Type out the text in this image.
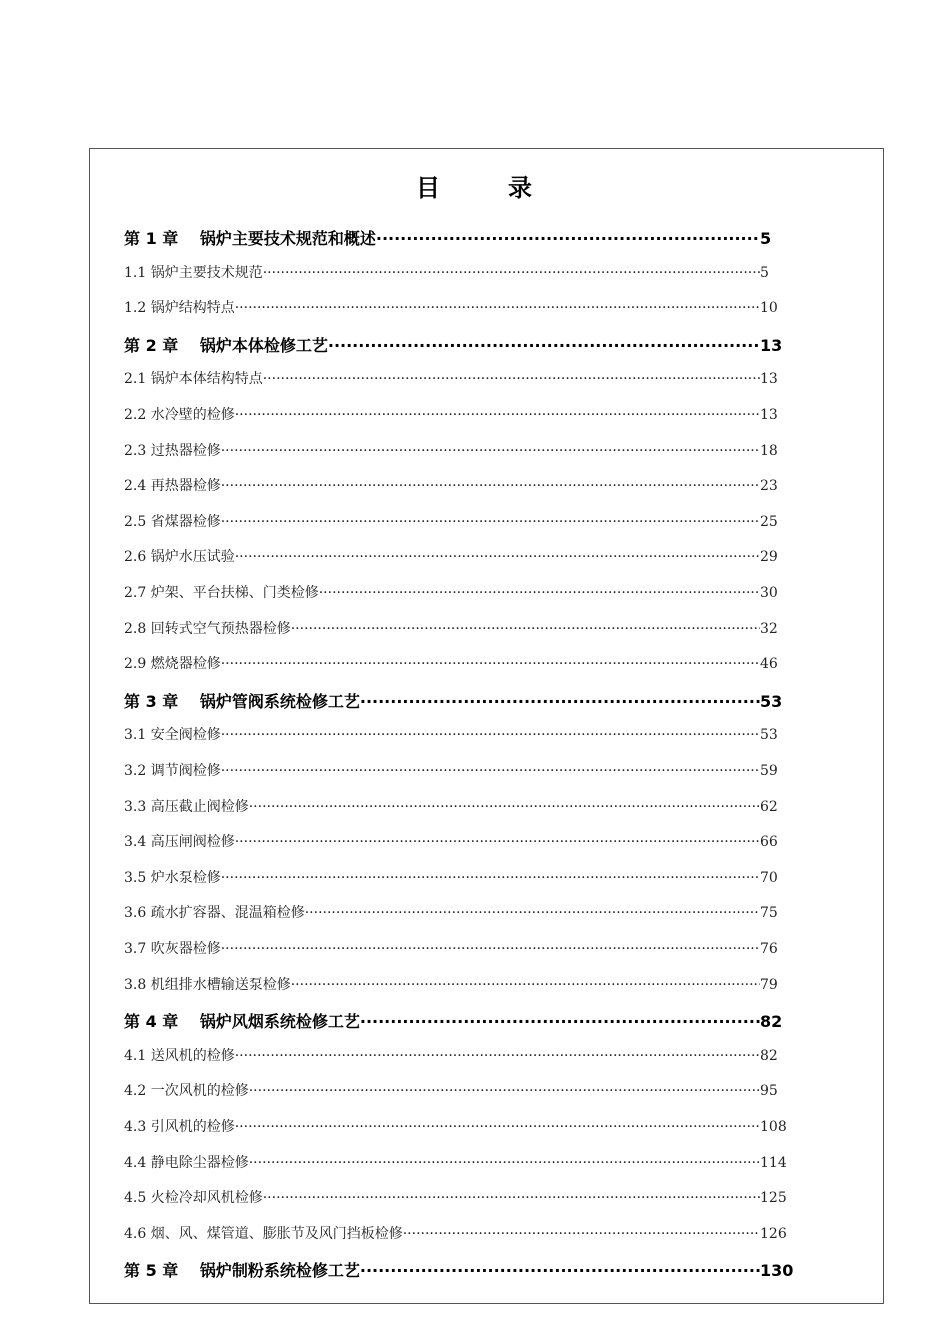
目　录
第 1 章　 锅炉主要技术规范和概述 ·····	5
1.1 锅炉主要技术规范 ·····	5
1.2 锅炉结构特点 ·····	10
第 2 章　 锅炉本体检修工艺 ·····	13
2.1 锅炉本体结构特点 ·····	13
2.2 水冷壁的检修 ·····	13
2.3 过热器检修 ·····	18
2.4 再热器检修 ·····	23
2.5 省煤器检修 ·····	25
2.6 锅炉水压试验 ·····	29
2.7 炉架、平台扶梯、门类检修 ·····	30
2.8 回转式空气预热器检修 ·····	32
2.9 燃烧器检修 ·····	46
第 3 章　 锅炉管阀系统检修工艺 ·····	53
3.1 安全阀检修 ·····	53
3.2 调节阀检修 ·····	59
3.3 高压截止阀检修 ·····	62
3.4 高压闸阀检修 ·····	66
3.5 炉水泵检修 ·····	70
3.6 疏水扩容器、混温箱检修 ·····	75
3.7 吹灰器检修 ·····	76
3.8 机组排水槽输送泵检修 ·····	79
第 4 章　 锅炉风烟系统检修工艺 ·····	82
4.1 送风机的检修 ·····	82
4.2 一次风机的检修 ·····	95
4.3 引风机的检修 ·····	108
4.4 静电除尘器检修 ·····	114
4.5 火检冷却风机检修 ·····	125
4.6 烟、风、煤管道、膨胀节及风门挡板检修 ·····	126
第 5 章　 锅炉制粉系统检修工艺 ·····	130
